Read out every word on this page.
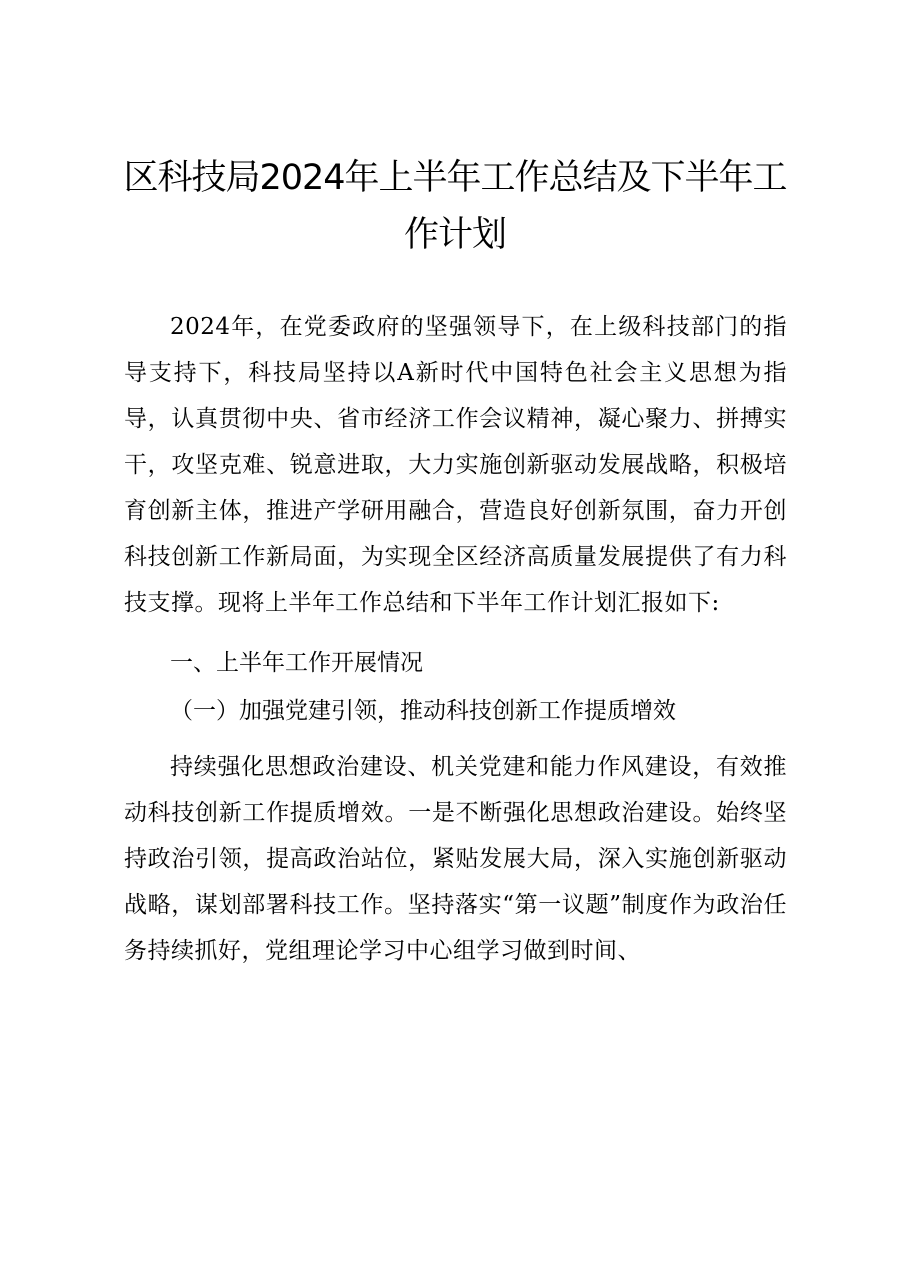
区科技局2024年上半年工作总结及下半年工作计划

2024年，在党委政府的坚强领导下，在上级科技部门的指导支持下，科技局坚持以A新时代中国特色社会主义思想为指导，认真贯彻中央、省市经济工作会议精神，凝心聚力、拼搏实干，攻坚克难、锐意进取，大力实施创新驱动发展战略，积极培育创新主体，推进产学研用融合，营造良好创新氛围，奋力开创科技创新工作新局面，为实现全区经济高质量发展提供了有力科技支撑。现将上半年工作总结和下半年工作计划汇报如下:

一、上半年工作开展情况
（一）加强党建引领，推动科技创新工作提质增效

持续强化思想政治建设、机关党建和能力作风建设，有效推动科技创新工作提质增效。一是不断强化思想政治建设。始终坚持政治引领，提高政治站位，紧贴发展大局，深入实施创新驱动战略，谋划部署科技工作。坚持落实“第一议题”制度作为政治任务持续抓好，党组理论学习中心组学习做到时间、
